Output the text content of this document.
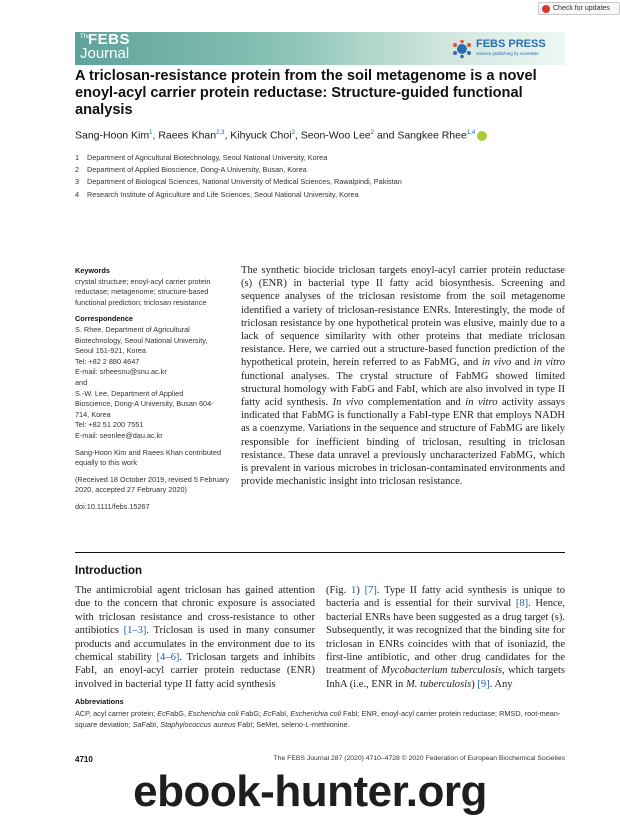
Check for updates
The
FEBS
Journal
FEBS PRESS
science publishing by scientists
A triclosan-resistance protein from the soil metagenome is a novel enoyl-acyl carrier protein reductase: Structure-guided functional analysis
Sang-Hoon Kim$^1$, Raees Khan$^{2,3}$, Kihyuck Choi$^2$, Seon-Woo Lee$^2$ and Sangkee Rhee$^{1,4}$
1 Department of Agricultural Biotechnology, Seoul National University, Korea
2 Department of Applied Bioscience, Dong-A University, Busan, Korea
3 Department of Biological Sciences, National University of Medical Sciences, Rawalpindi, Pakistan
4 Research Institute of Agriculture and Life Sciences, Seoul National University, Korea
Keywords
crystal structure; enoyl-acyl carrier protein reductase; metagenome; structure-based functional prediction; triclosan resistance
Correspondence
S. Rhee, Department of Agricultural
Biotechnology, Seoul National University,
Seoul 151-921, Korea
Tel: +82 2 880 4647
E-mail: srheesnu@snu.ac.kr
and
S.-W. Lee, Department of Applied
Bioscience, Dong-A University, Busan 604-
714, Korea
Tel: +82 51 200 7551
E-mail: seonlee@dau.ac.kr
Sang-Hoon Kim and Raees Khan contributed equally to this work
(Received 18 October 2019, revised 5 February 2020, accepted 27 February 2020)
doi:10.1111/febs.15267
The synthetic biocide triclosan targets enoyl-acyl carrier protein reductase (s) (ENR) in bacterial type II fatty acid biosynthesis. Screening and sequence analyses of the triclosan resistome from the soil metagenome identified a variety of triclosan-resistance ENRs. Interestingly, the mode of triclosan resistance by one hypothetical protein was elusive, mainly due to a lack of sequence similarity with other proteins that mediate triclosan resistance. Here, we carried out a structure-based function prediction of the hypothetical protein, herein referred to as FabMG, and in vivo and in vitro functional analyses. The crystal structure of FabMG showed limited structural homology with FabG and FabI, which are also involved in type II fatty acid synthesis. In vivo complementation and in vitro activity assays indicated that FabMG is functionally a FabI-type ENR that employs NADH as a coenzyme. Variations in the sequence and structure of FabMG are likely responsible for inefficient binding of triclosan, resulting in triclosan resistance. These data unravel a previously uncharacterized FabMG, which is prevalent in various microbes in triclosan-contaminated environments and provide mechanistic insight into triclosan resistance.
Introduction
The antimicrobial agent triclosan has gained attention due to the concern that chronic exposure is associated with triclosan resistance and cross-resistance to other antibiotics [1–3]. Triclosan is used in many consumer products and accumulates in the environment due to its chemical stability [4–6]. Triclosan targets and inhibits FabI, an enoyl-acyl carrier protein reductase (ENR) involved in bacterial type II fatty acid synthesis
(Fig. 1) [7]. Type II fatty acid synthesis is unique to bacteria and is essential for their survival [8]. Hence, bacterial ENRs have been suggested as a drug target (s). Subsequently, it was recognized that the binding site for triclosan in ENRs coincides with that of isoniazid, the first-line antibiotic, and other drug candidates for the treatment of Mycobacterium tuberculosis, which targets InhA (i.e., ENR in M. tuberculosis) [9]. Any
Abbreviations
ACP, acyl carrier protein; EcFabG, Escherichia coli FabG; EcFabI, Escherichia coli FabI; ENR, enoyl-acyl carrier protein reductase; RMSD, root-mean-square deviation; SaFabI, Staphylococcus aureus FabI; SeMet, seleno-L-methionine.
4710	The FEBS Journal 287 (2020) 4710–4728 © 2020 Federation of European Biochemical Societies
ebook-hunter.org
